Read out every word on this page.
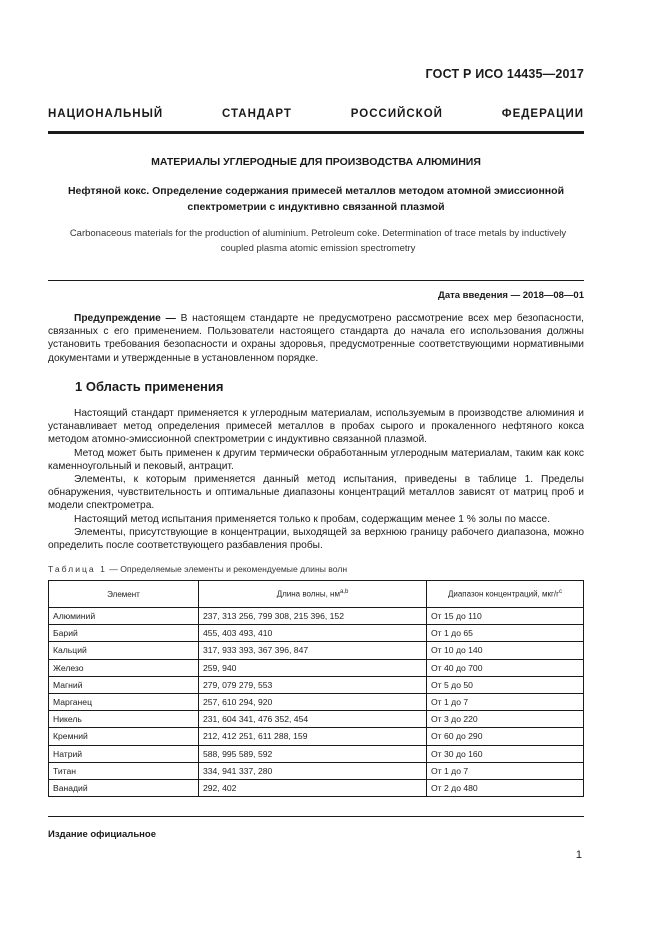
ГОСТ Р ИСО 14435—2017
НАЦИОНАЛЬНЫЙ СТАНДАРТ РОССИЙСКОЙ ФЕДЕРАЦИИ
МАТЕРИАЛЫ УГЛЕРОДНЫЕ ДЛЯ ПРОИЗВОДСТВА АЛЮМИНИЯ
Нефтяной кокс. Определение содержания примесей металлов методом атомной эмиссионной спектрометрии с индуктивно связанной плазмой
Carbonaceous materials for the production of aluminium. Petroleum coke. Determination of trace metals by inductively coupled plasma atomic emission spectrometry
Дата введения — 2018—08—01

Предупреждение — В настоящем стандарте не предусмотрено рассмотрение всех мер безопасности, связанных с его применением. Пользователи настоящего стандарта до начала его использования должны установить требования безопасности и охраны здоровья, предусмотренные соответствующими нормативными документами и утвержденные в установленном порядке.

1 Область применения

Настоящий стандарт применяется к углеродным материалам, используемым в производстве алюминия и устанавливает метод определения примесей металлов в пробах сырого и прокаленного нефтяного кокса методом атомно-эмиссионной спектрометрии с индуктивно связанной плазмой.

Метод может быть применен к другим термически обработанным углеродным материалам, таким как кокс каменноугольный и пековый, антрацит.

Элементы, к которым применяется данный метод испытания, приведены в таблице 1. Пределы обнаружения, чувствительность и оптимальные диапазоны концентраций металлов зависят от матриц проб и модели спектрометра.

Настоящий метод испытания применяется только к пробам, содержащим менее 1 % золы по массе.

Элементы, присутствующие в концентрации, выходящей за верхнюю границу рабочего диапазона, можно определить после соответствующего разбавления пробы.

Таблица 1 — Определяемые элементы и рекомендуемые длины волн
Элемент	Длина волны, нм$^{a,b}$	Диапазон концентраций, мкг/$г^c$
Алюминий	237, 313 256, 799 308, 215 396, 152	От 15 до 110
Барий	455, 403 493, 410	От 1 до 65
Кальций	317, 933 393, 367 396, 847	От 10 до 140
Железо	259, 940	От 40 до 700
Магний	279, 079 279, 553	От 5 до 50
Марганец	257, 610 294, 920	От 1 до 7
Никель	231, 604 341, 476 352, 454	От 3 до 220
Кремний	212, 412 251, 611 288, 159	От 60 до 290
Натрий	588, 995 589, 592	От 30 до 160
Титан	334, 941 337, 280	От 1 до 7
Ванадий	292, 402	От 2 до 480
Издание официальное
1
